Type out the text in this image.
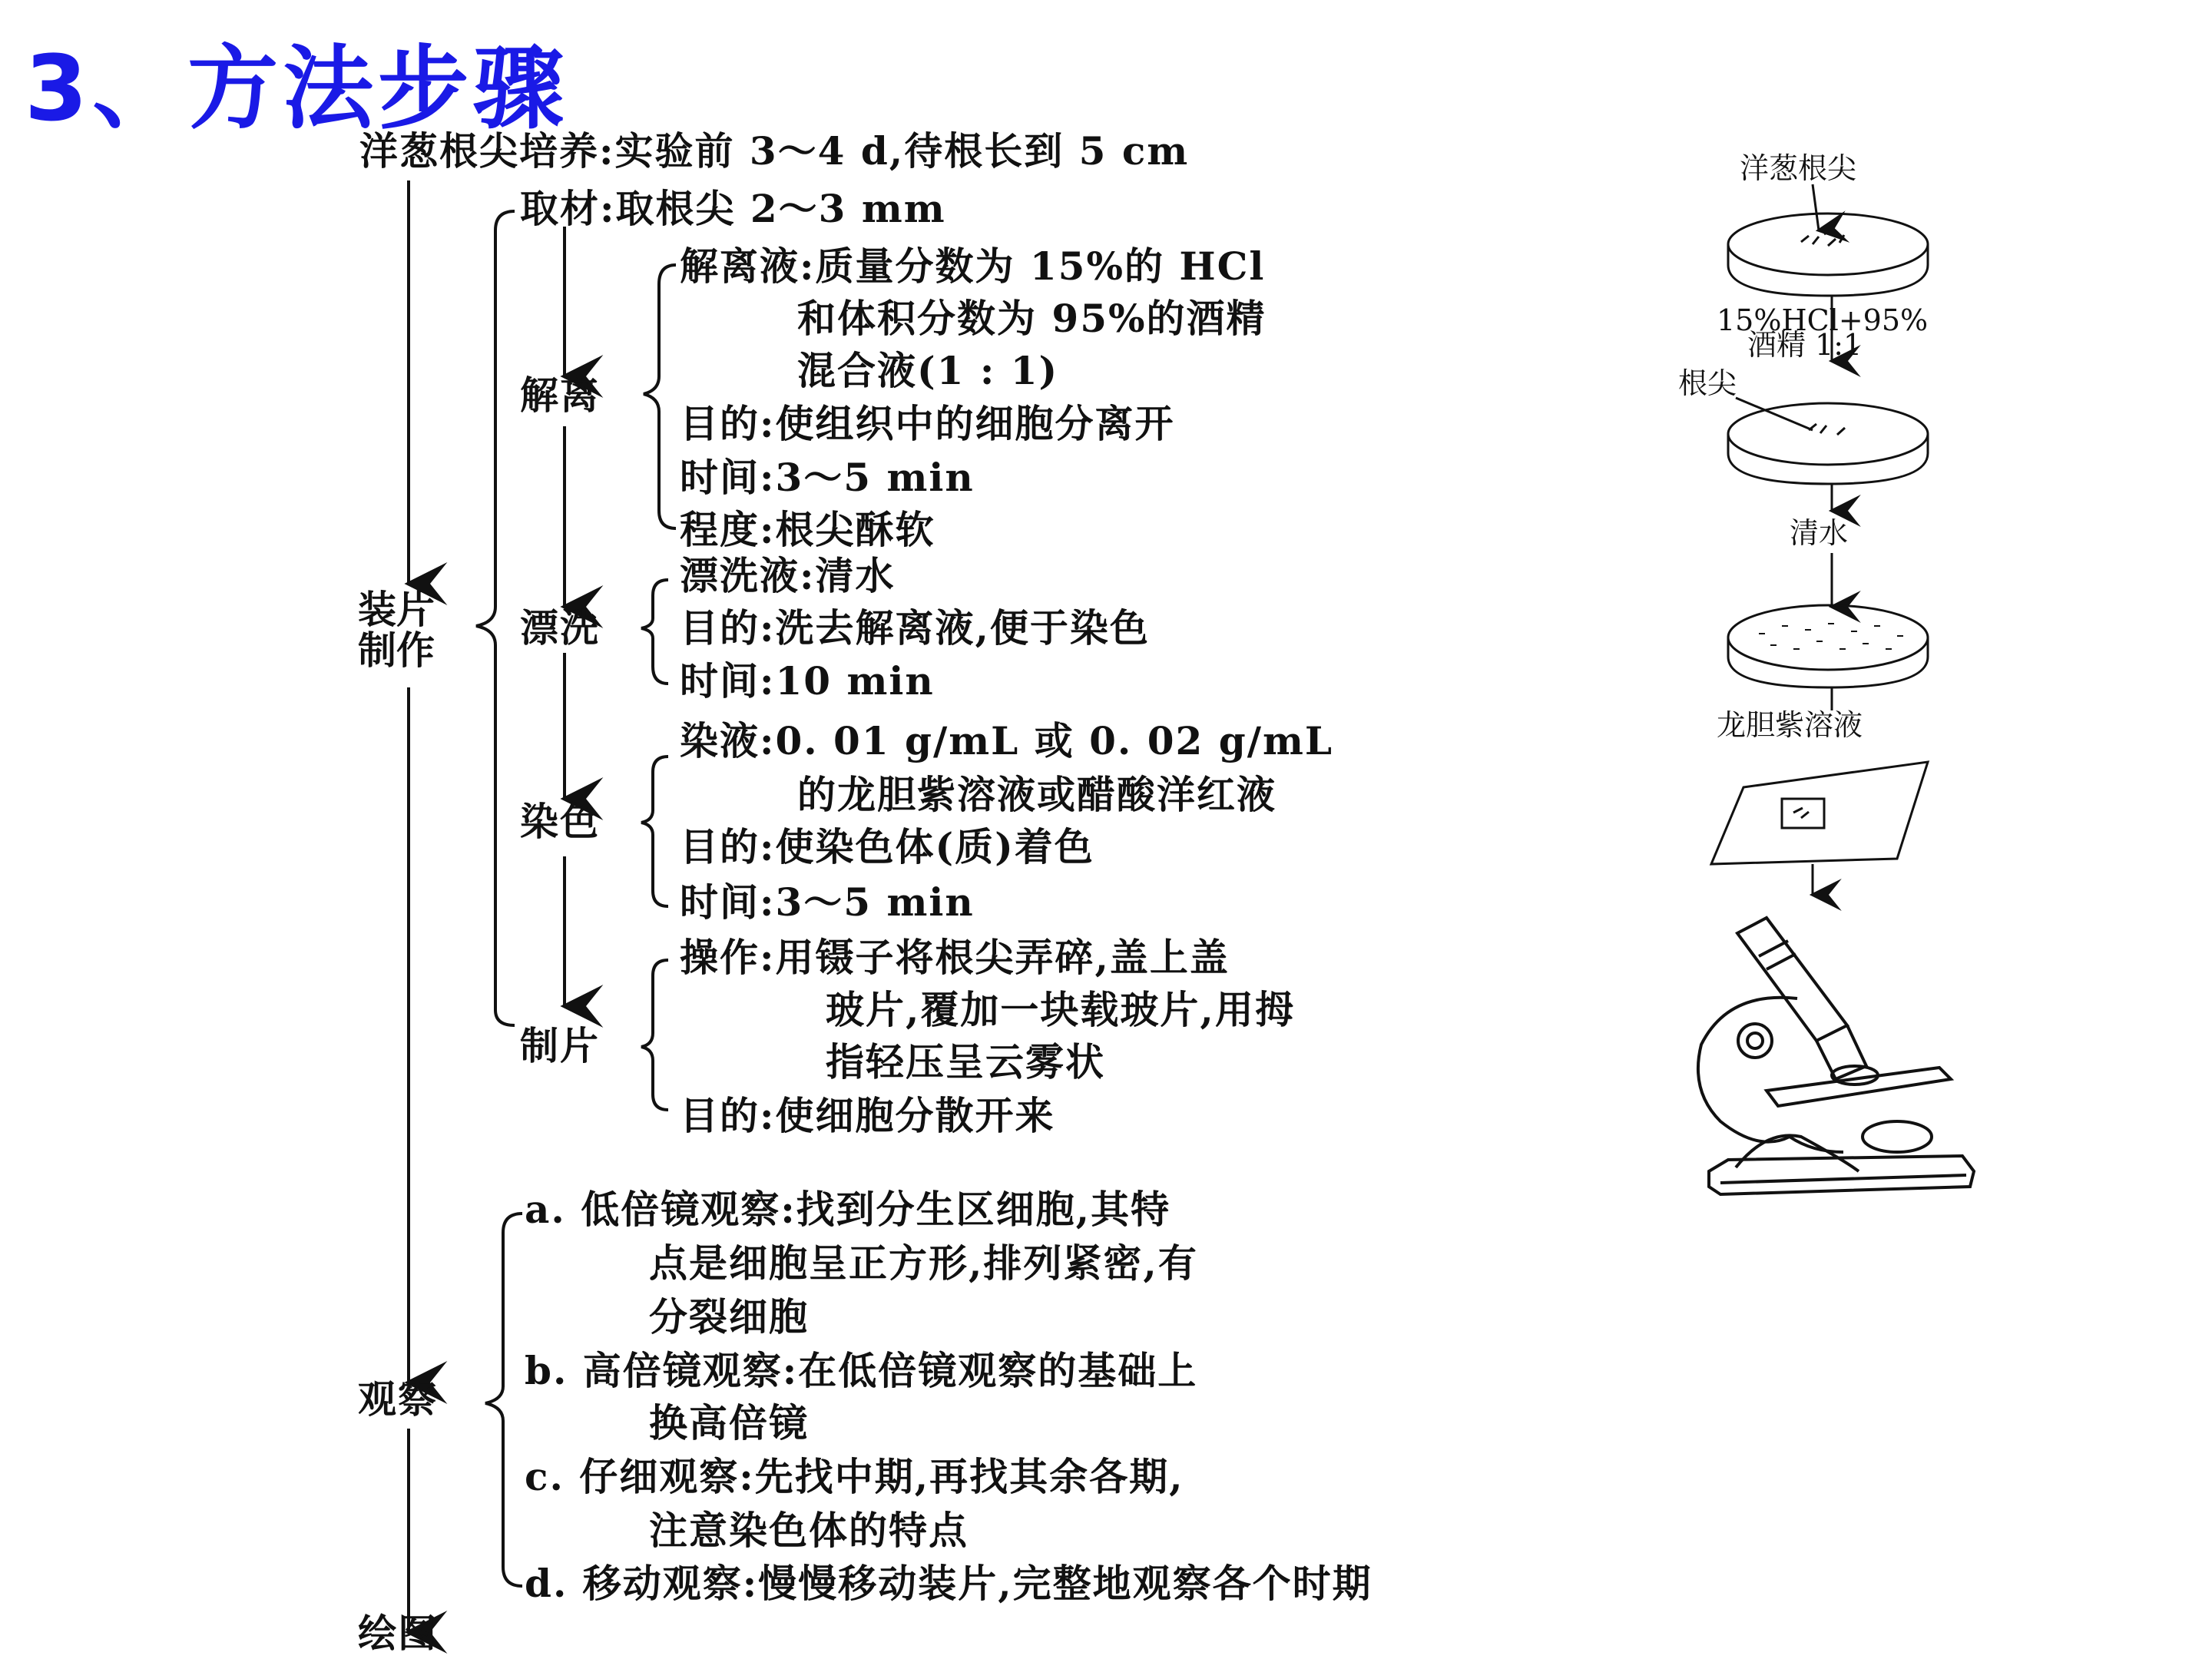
3、方法步骤
洋葱根尖培养:实验前 3～4 d,待根长到 5 cm
装片
制作
观察
绘图
取材:取根尖 2～3 mm
解离
漂洗
染色
制片
解离液:质量分数为 15%的 HCl
和体积分数为 95%的酒精
混合液(1 : 1)
目的:使组织中的细胞分离开
时间:3～5 min
程度:根尖酥软
漂洗液:清水
目的:洗去解离液,便于染色
时间:10 min
染液:0. 01 g/mL 或 0. 02 g/mL
的龙胆紫溶液或醋酸洋红液
目的:使染色体(质)着色
时间:3～5 min
操作:用镊子将根尖弄碎,盖上盖
玻片,覆加一块载玻片,用拇
指轻压呈云雾状
目的:使细胞分散开来
a. 低倍镜观察:找到分生区细胞,其特
点是细胞呈正方形,排列紧密,有
分裂细胞
b. 高倍镜观察:在低倍镜观察的基础上
换高倍镜
c. 仔细观察:先找中期,再找其余各期,
注意染色体的特点
d. 移动观察:慢慢移动装片,完整地观察各个时期
洋葱根尖
15%HCl+95%
酒精 1:1
根尖
清水
龙胆紫溶液
